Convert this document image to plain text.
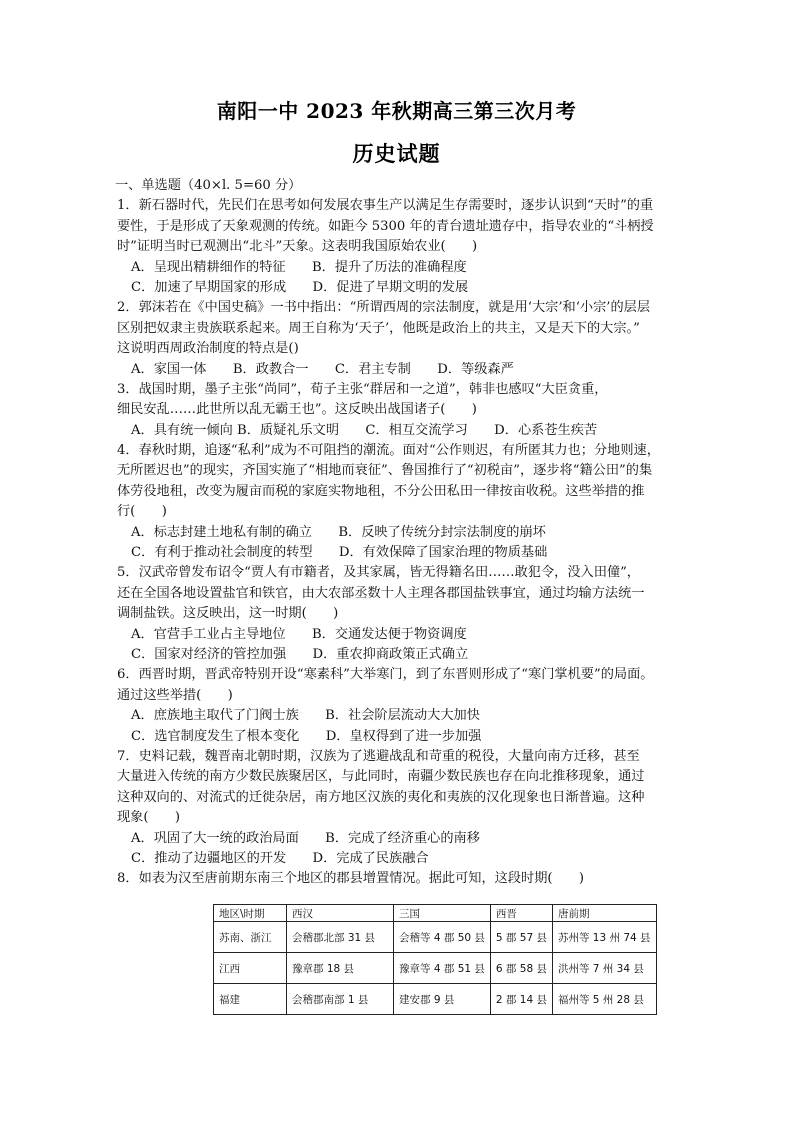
南阳一中 2023 年秋期高三第三次月考
历史试题
一、单选题（40×l. 5=60 分）
1．新石器时代，先民们在思考如何发展农事生产以满足生存需要时，逐步认识到“天时”的重
要性，于是形成了天象观测的传统。如距今 5300 年的青台遗址遗存中，指导农业的“斗柄授
时”证明当时已观测出“北斗”天象。这表明我国原始农业(　　)
A．呈现出精耕细作的特征　　B．提升了历法的准确程度
C．加速了早期国家的形成　　D．促进了早期文明的发展
2．郭沫若在《中国史稿》一书中指出：“所谓西周的宗法制度，就是用‘大宗’和‘小宗’的层层
区别把奴隶主贵族联系起来。周王自称为‘天子’，他既是政治上的共主，又是天下的大宗。”
这说明西周政治制度的特点是()
A．家国一体　　B．政教合一　　C．君主专制　　D．等级森严
3．战国时期，墨子主张“尚同”，荀子主张“群居和一之道”，韩非也感叹“大臣贪重，
细民安乱……此世所以乱无霸王也”。这反映出战国诸子(　　)
A．具有统一倾向 B．质疑礼乐文明　　C．相互交流学习　　D．心系苍生疾苦
4．春秋时期，追逐“私利”成为不可阻挡的潮流。面对“公作则迟，有所匿其力也；分地则速，
无所匿迟也”的现实，齐国实施了“相地而衰征”、鲁国推行了“初税亩”，逐步将“籍公田”的集
体劳役地租，改变为履亩而税的家庭实物地租，不分公田私田一律按亩收税。这些举措的推
行(　　)
A．标志封建土地私有制的确立　　B．反映了传统分封宗法制度的崩坏
C．有利于推动社会制度的转型　　D．有效保障了国家治理的物质基础
5．汉武帝曾发布诏令“贾人有市籍者，及其家属，皆无得籍名田……敢犯令，没入田僮”，
还在全国各地设置盐官和铁官，由大农部丞数十人主理各郡国盐铁事宜，通过均输方法统一
调制盐铁。这反映出，这一时期(　　)
A．官营手工业占主导地位　　B．交通发达便于物资调度
C．国家对经济的管控加强　　D．重农抑商政策正式确立
6．西晋时期，晋武帝特别开设“寒素科”大举寒门，到了东晋则形成了“寒门掌机要”的局面。
通过这些举措(　　)
A．庶族地主取代了门阀士族　　B．社会阶层流动大大加快
C．选官制度发生了根本变化　　D．皇权得到了进一步加强
7．史料记载，魏晋南北朝时期，汉族为了逃避战乱和苛重的税役，大量向南方迁移，甚至
大量进入传统的南方少数民族聚居区，与此同时，南疆少数民族也存在向北推移现象，通过
这种双向的、对流式的迁徙杂居，南方地区汉族的夷化和夷族的汉化现象也日渐普遍。这种
现象(　　)
A．巩固了大一统的政治局面　　B．完成了经济重心的南移
C．推动了边疆地区的开发　　D．完成了民族融合
8．如表为汉至唐前期东南三个地区的郡县增置情况。据此可知，这段时期(　　)
地区\时期	西汉	三国	西晋	唐前期
苏南、浙江	会稽郡北部 31 县	会稽等 4 郡 50 县	5 郡 57 县	苏州等 13 州 74 县
江西	豫章郡 18 县	豫章等 4 郡 51 县	6 郡 58 县	洪州等 7 州 34 县
福建	会稽郡南部 1 县	建安郡 9 县	2 郡 14 县	福州等 5 州 28 县
